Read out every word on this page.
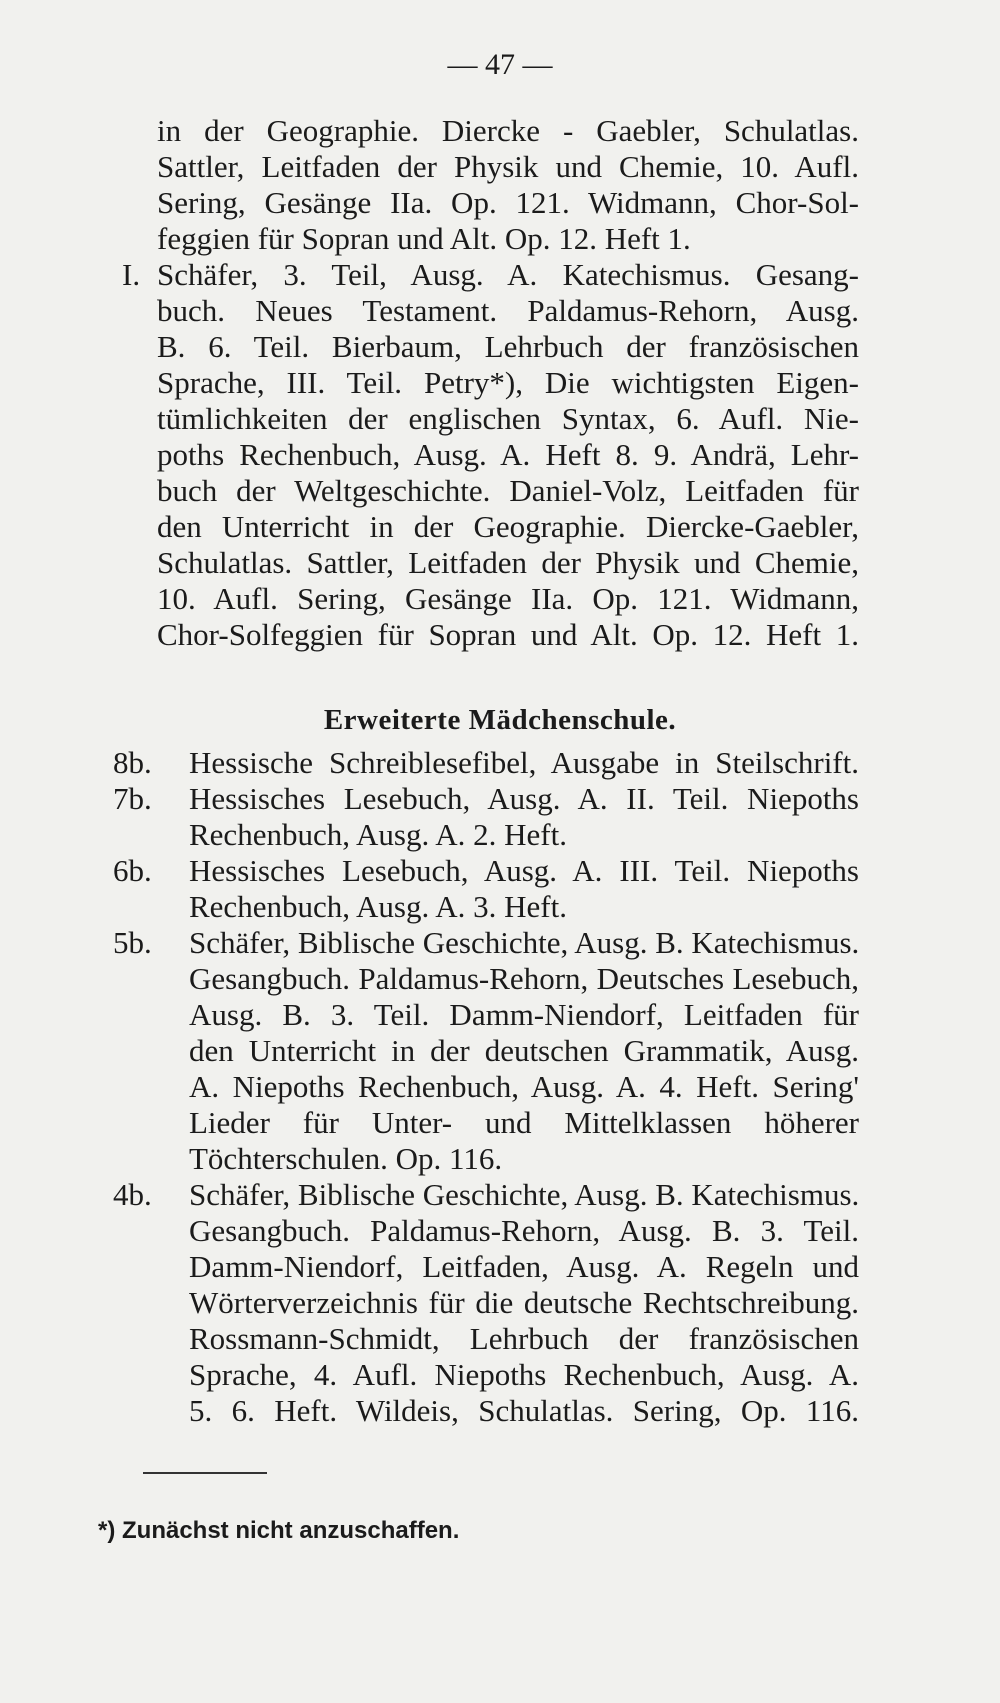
— 47 —
in der Geographie. Diercke - Gaebler, Schulatlas.
Sattler, Leitfaden der Physik und Chemie, 10. Aufl.
Sering, Gesänge IIa. Op. 121. Widmann, Chor-Sol-
feggien für Sopran und Alt. Op. 12. Heft 1.
I. Schäfer, 3. Teil, Ausg. A. Katechismus. Gesang-
buch. Neues Testament. Paldamus-Rehorn, Ausg.
B. 6. Teil. Bierbaum, Lehrbuch der französischen
Sprache, III. Teil. Petry*), Die wichtigsten Eigen-
tümlichkeiten der englischen Syntax, 6. Aufl. Nie-
poths Rechenbuch, Ausg. A. Heft 8. 9. Andrä, Lehr-
buch der Weltgeschichte. Daniel-Volz, Leitfaden für
den Unterricht in der Geographie. Diercke-Gaebler,
Schulatlas. Sattler, Leitfaden der Physik und Chemie,
10. Aufl. Sering, Gesänge IIa. Op. 121. Widmann,
Chor-Solfeggien für Sopran und Alt. Op. 12. Heft 1.
Erweiterte Mädchenschule.
8b. Hessische Schreiblesefibel, Ausgabe in Steilschrift.
7b. Hessisches Lesebuch, Ausg. A. II. Teil. Niepoths
Rechenbuch, Ausg. A. 2. Heft.
6b. Hessisches Lesebuch, Ausg. A. III. Teil. Niepoths
Rechenbuch, Ausg. A. 3. Heft.
5b. Schäfer, Biblische Geschichte, Ausg. B. Katechismus.
Gesangbuch. Paldamus-Rehorn, Deutsches Lesebuch,
Ausg. B. 3. Teil. Damm-Niendorf, Leitfaden für
den Unterricht in der deutschen Grammatik, Ausg.
A. Niepoths Rechenbuch, Ausg. A. 4. Heft. Sering'
Lieder für Unter- und Mittelklassen höherer
Töchterschulen. Op. 116.
4b. Schäfer, Biblische Geschichte, Ausg. B. Katechismus.
Gesangbuch. Paldamus-Rehorn, Ausg. B. 3. Teil.
Damm-Niendorf, Leitfaden, Ausg. A. Regeln und
Wörterverzeichnis für die deutsche Rechtschreibung.
Rossmann-Schmidt, Lehrbuch der französischen
Sprache, 4. Aufl. Niepoths Rechenbuch, Ausg. A.
5. 6. Heft. Wildeis, Schulatlas. Sering, Op. 116.
*) Zunächst nicht anzuschaffen.
